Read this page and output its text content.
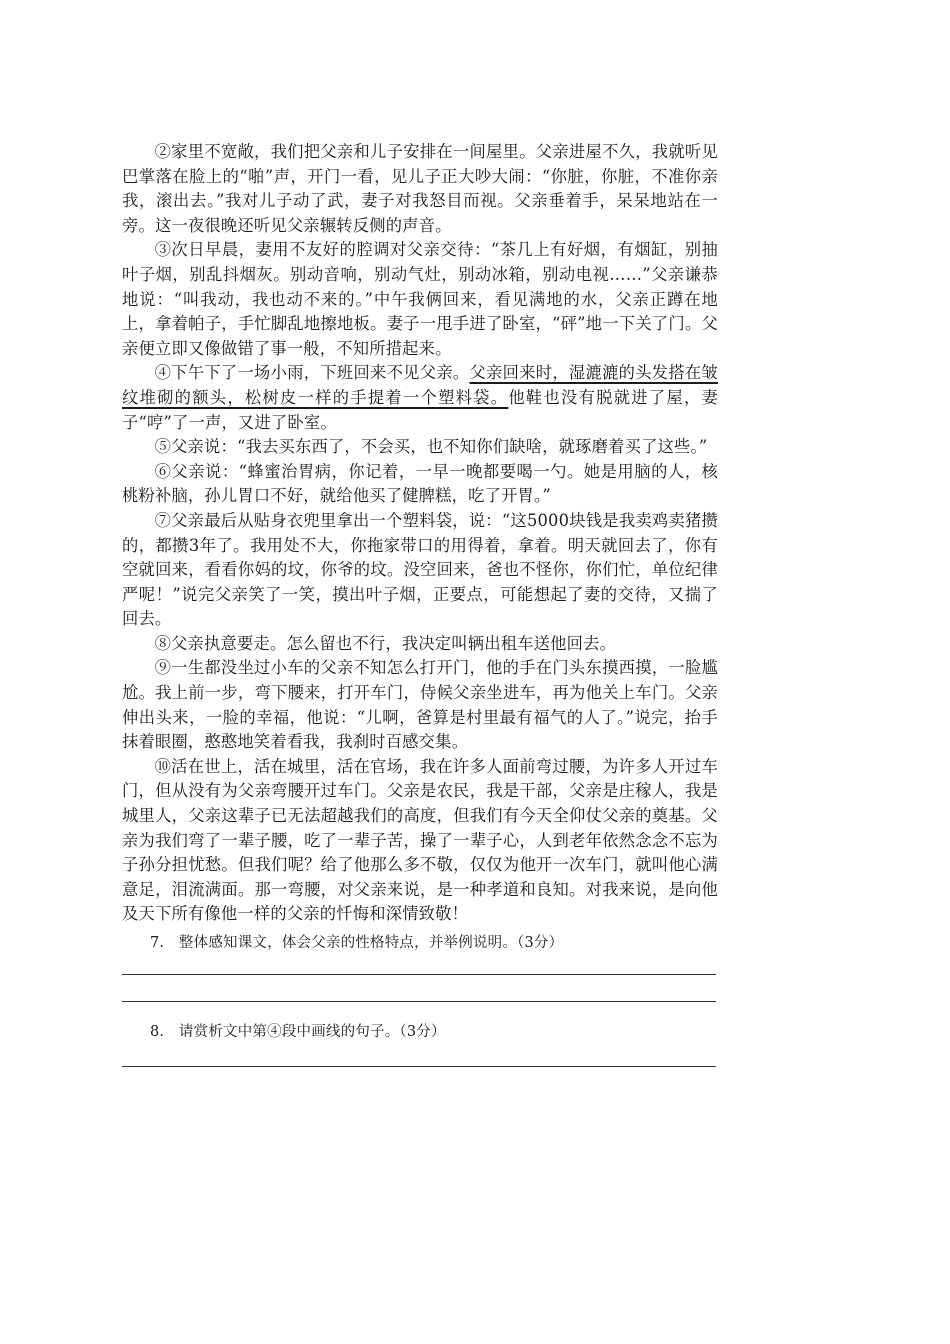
②家里不宽敞，我们把父亲和儿子安排在一间屋里。父亲进屋不久，我就听见巴掌落在脸上的“啪”声，开门一看，见儿子正大吵大闹：“你脏，你脏，不准你亲我，滚出去。”我对儿子动了武，妻子对我怒目而视。父亲垂着手，呆呆地站在一旁。这一夜很晚还听见父亲辗转反侧的声音。

③次日早晨，妻用不友好的腔调对父亲交待：“茶几上有好烟，有烟缸，别抽叶子烟，别乱抖烟灰。别动音响，别动气灶，别动冰箱，别动电视……”父亲谦恭地说：“叫我动，我也动不来的。”中午我俩回来，看见满地的水，父亲正蹲在地上，拿着帕子，手忙脚乱地擦地板。妻子一甩手进了卧室，“砰”地一下关了门。父亲便立即又像做错了事一般，不知所措起来。

④下午下了一场小雨，下班回来不见父亲。父亲回来时，湿漉漉的头发搭在皱纹堆砌的额头，松树皮一样的手提着一个塑料袋。他鞋也没有脱就进了屋，妻子“哼”了一声，又进了卧室。

⑤父亲说：“我去买东西了，不会买，也不知你们缺啥，就琢磨着买了这些。”

⑥父亲说：“蜂蜜治胃病，你记着，一早一晚都要喝一勺。她是用脑的人，核桃粉补脑，孙儿胃口不好，就给他买了健脾糕，吃了开胃。”

⑦父亲最后从贴身衣兜里拿出一个塑料袋，说：“这5000块钱是我卖鸡卖猪攒的，都攒3年了。我用处不大，你拖家带口的用得着，拿着。明天就回去了，你有空就回来，看看你妈的坟，你爷的坟。没空回来，爸也不怪你，你们忙，单位纪律严呢！”说完父亲笑了一笑，摸出叶子烟，正要点，可能想起了妻的交待，又揣了回去。

⑧父亲执意要走。怎么留也不行，我决定叫辆出租车送他回去。

⑨一生都没坐过小车的父亲不知怎么打开门，他的手在门头东摸西摸，一脸尴尬。我上前一步，弯下腰来，打开车门，侍候父亲坐进车，再为他关上车门。父亲伸出头来，一脸的幸福，他说：“儿啊，爸算是村里最有福气的人了。”说完，抬手抹着眼圈，憨憨地笑着看我，我刹时百感交集。

⑩活在世上，活在城里，活在官场，我在许多人面前弯过腰，为许多人开过车门，但从没有为父亲弯腰开过车门。父亲是农民，我是干部，父亲是庄稼人，我是城里人，父亲这辈子已无法超越我们的高度，但我们有今天全仰仗父亲的奠基。父亲为我们弯了一辈子腰，吃了一辈子苦，操了一辈子心，人到老年依然念念不忘为子孙分担忧愁。但我们呢？给了他那么多不敬，仅仅为他开一次车门，就叫他心满意足，泪流满面。那一弯腰，对父亲来说，是一种孝道和良知。对我来说，是向他及天下所有像他一样的父亲的忏悔和深情致敬！

7.　整体感知课文，体会父亲的性格特点，并举例说明。（3分）

8.　请赏析文中第④段中画线的句子。（3分）
